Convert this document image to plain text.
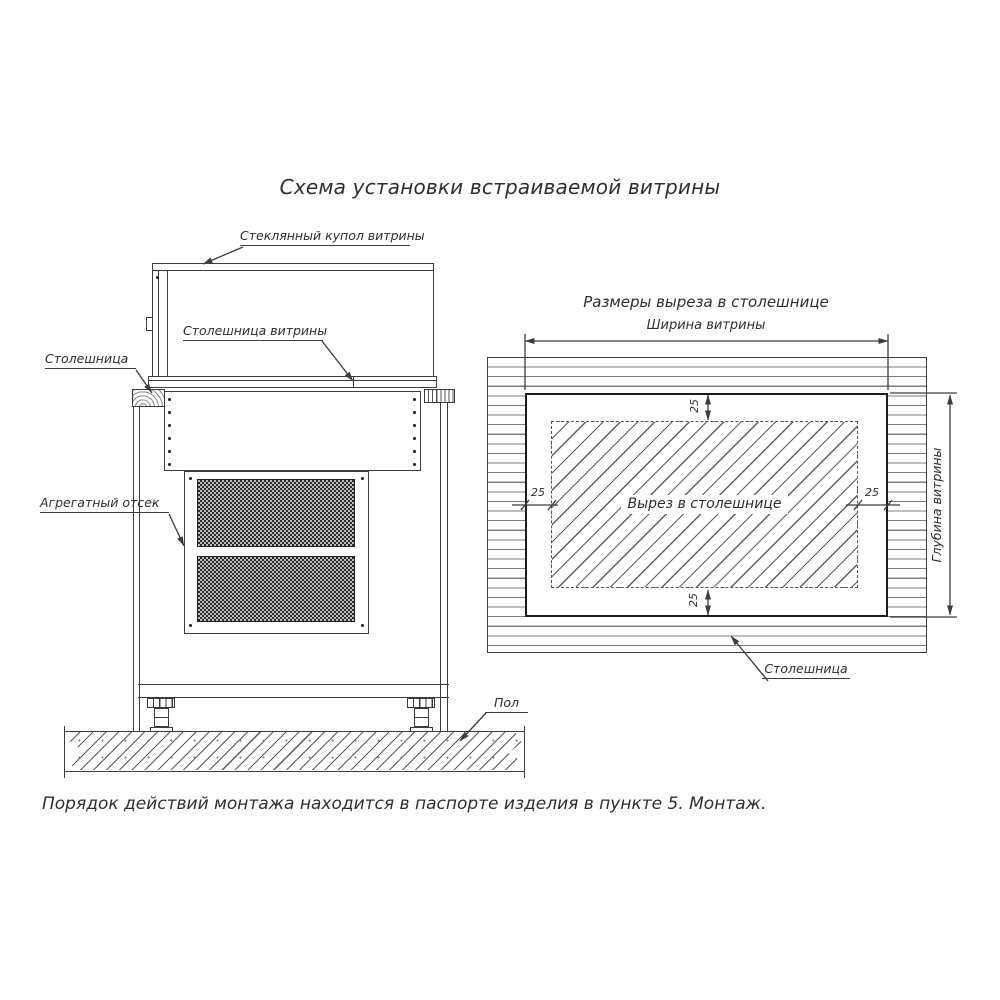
Схема установки встраиваемой витрины
Стеклянный купол витрины
Столешница витрины
Столешница
Агрегатный отсек
Пол
Вырез в столешнице
Размеры выреза в столешнице
Ширина витрины
Глубина витрины
25
25
25	25
Столешница
Порядок действий монтажа находится в паспорте изделия в пункте 5. Монтаж.
